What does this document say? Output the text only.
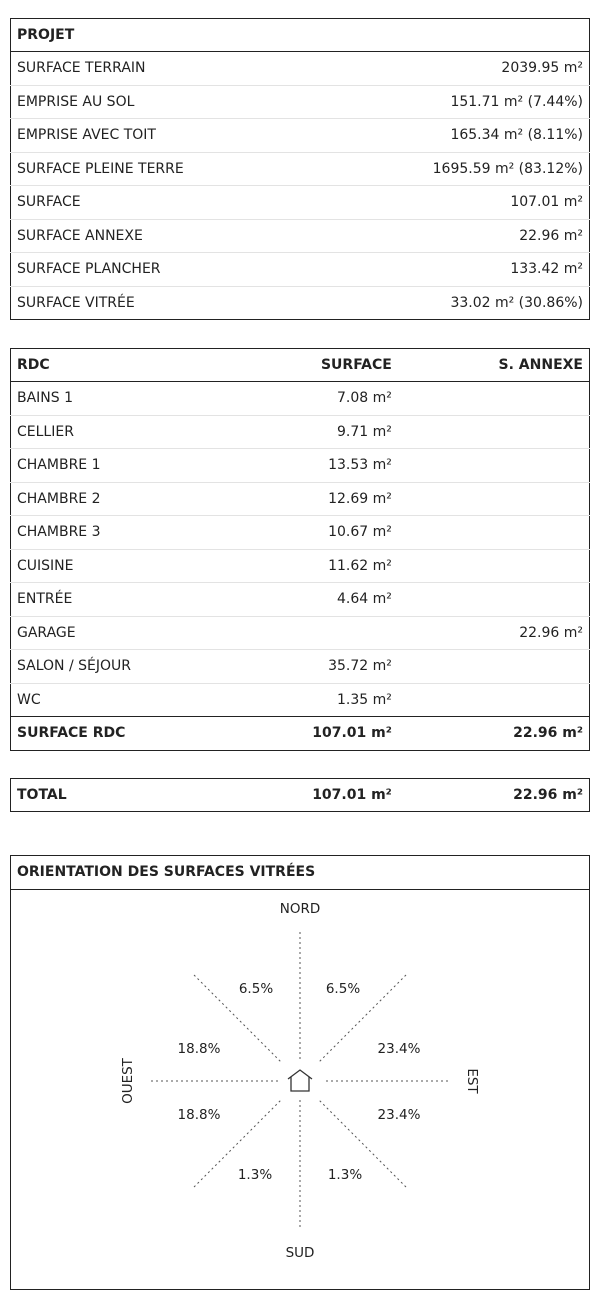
PROJET	
SURFACE TERRAIN	2039.95 m²
EMPRISE AU SOL	151.71 m² (7.44%)
EMPRISE AVEC TOIT	165.34 m² (8.11%)
SURFACE PLEINE TERRE	1695.59 m² (83.12%)
SURFACE	107.01 m²
SURFACE ANNEXE	22.96 m²
SURFACE PLANCHER	133.42 m²
SURFACE VITRÉE	33.02 m² (30.86%)
RDC	SURFACE	S. ANNEXE
BAINS 1	7.08 m²	
CELLIER	9.71 m²	
CHAMBRE 1	13.53 m²	
CHAMBRE 2	12.69 m²	
CHAMBRE 3	10.67 m²	
CUISINE	11.62 m²	
ENTRÉE	4.64 m²	
GARAGE		22.96 m²
SALON / SÉJOUR	35.72 m²	
WC	1.35 m²	
SURFACE RDC	107.01 m²	22.96 m²
TOTAL	107.01 m²	22.96 m²
ORIENTATION DES SURFACES VITRÉES
NORD
SUD
EST
OUEST
6.5%	6.5%
18.8%	23.4%
18.8%	23.4%
1.3%	1.3%
